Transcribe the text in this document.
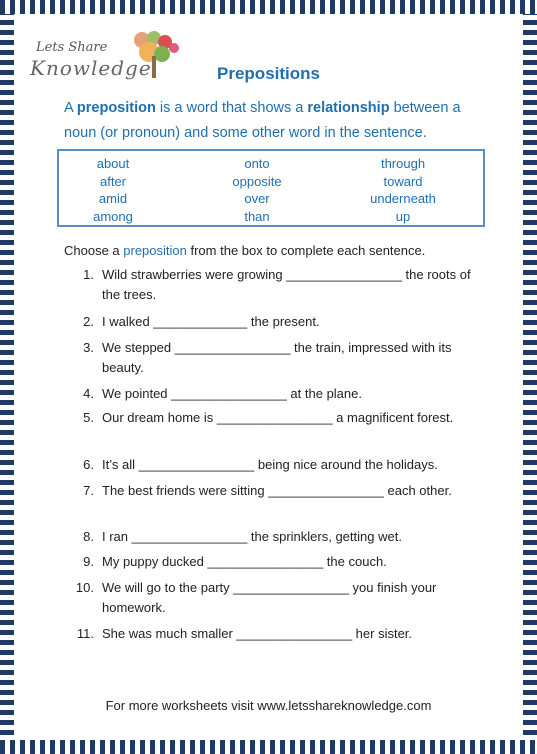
Lets Share
Knowledge	Prepositions
A preposition is a word that shows a relationship between a noun (or pronoun) and some other word in the sentence.
about
after
amid
among
onto
opposite
over
than
through
toward
underneath
up
Choose a preposition from the box to complete each sentence.
1. Wild strawberries were growing ________________ the roots of the trees.
2. I walked _____________ the present.
3. We stepped ________________ the train, impressed with its beauty.
4. We pointed ________________ at the plane.
5. Our dream home is ________________ a magnificent forest.
6. It’s all ________________ being nice around the holidays.
7. The best friends were sitting ________________ each other.
8. I ran ________________ the sprinklers, getting wet.
9. My puppy ducked ________________ the couch.
10. We will go to the party ________________ you finish your homework.
11. She was much smaller ________________ her sister.
For more worksheets visit www.letsshareknowledge.com
